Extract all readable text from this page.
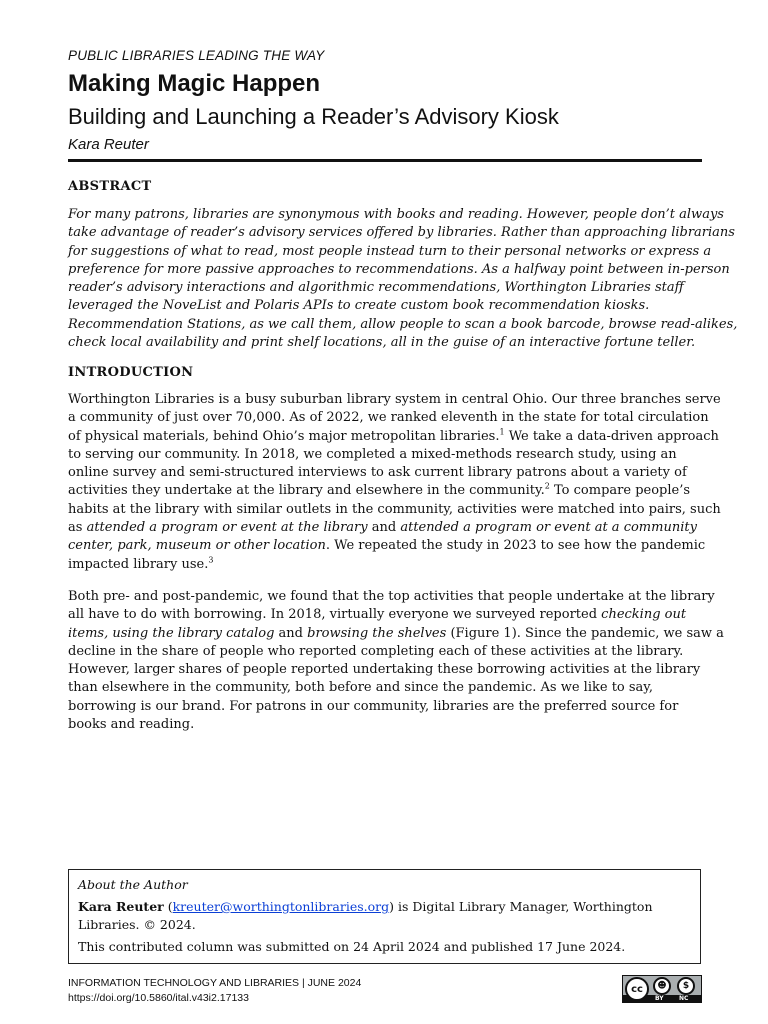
PUBLIC LIBRARIES LEADING THE WAY
Making Magic Happen
Building and Launching a Reader’s Advisory Kiosk
Kara Reuter
ABSTRACT
For many patrons, libraries are synonymous with books and reading. However, people don’t always
take advantage of reader’s advisory services offered by libraries. Rather than approaching librarians
for suggestions of what to read, most people instead turn to their personal networks or express a
preference for more passive approaches to recommendations. As a halfway point between in-person
reader’s advisory interactions and algorithmic recommendations, Worthington Libraries staff
leveraged the NoveList and Polaris APIs to create custom book recommendation kiosks.
Recommendation Stations, as we call them, allow people to scan a book barcode, browse read-alikes,
check local availability and print shelf locations, all in the guise of an interactive fortune teller.
INTRODUCTION
Worthington Libraries is a busy suburban library system in central Ohio. Our three branches serve
a community of just over 70,000. As of 2022, we ranked eleventh in the state for total circulation
of physical materials, behind Ohio’s major metropolitan libraries.$^1$ We take a data-driven approach
to serving our community. In 2018, we completed a mixed-methods research study, using an
online survey and semi-structured interviews to ask current library patrons about a variety of
activities they undertake at the library and elsewhere in the community.$^2$ To compare people’s
habits at the library with similar outlets in the community, activities were matched into pairs, such
as attended a program or event at the library and attended a program or event at a community
center, park, museum or other location. We repeated the study in 2023 to see how the pandemic
impacted library use.$^3$
Both pre- and post-pandemic, we found that the top activities that people undertake at the library
all have to do with borrowing. In 2018, virtually everyone we surveyed reported checking out
items, using the library catalog and browsing the shelves (Figure 1). Since the pandemic, we saw a
decline in the share of people who reported completing each of these activities at the library.
However, larger shares of people reported undertaking these borrowing activities at the library
than elsewhere in the community, both before and since the pandemic. As we like to say,
borrowing is our brand. For patrons in our community, libraries are the preferred source for
books and reading.
About the Author
Kara Reuter (kreuter@worthingtonlibraries.org) is Digital Library Manager, Worthington
Libraries. © 2024.
This contributed column was submitted on 24 April 2024 and published 17 June 2024.
INFORMATION TECHNOLOGY AND LIBRARIES | JUNE 2024
https://doi.org/10.5860/ital.v43i2.17133
cc	☻	$
BY	NC
